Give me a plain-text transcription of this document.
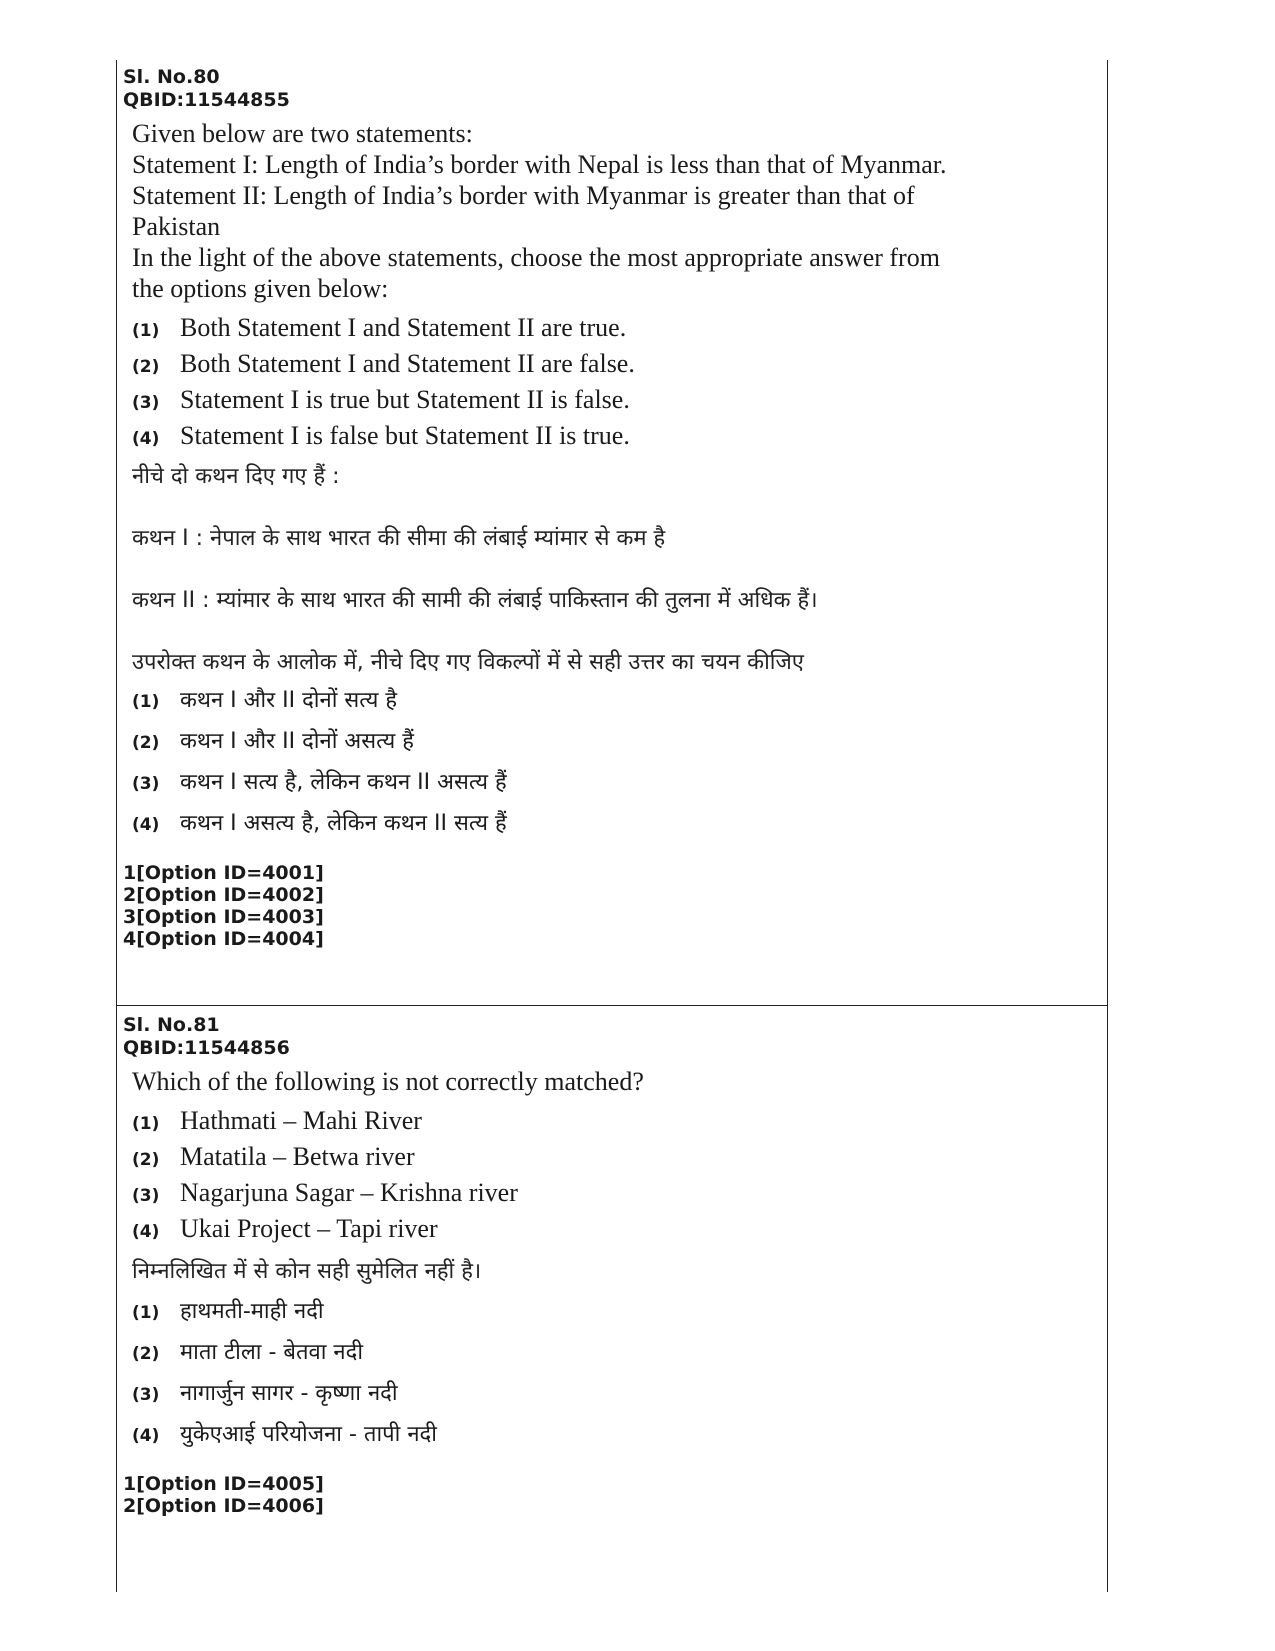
Sl. No.80
QBID:11544855
Given below are two statements:
Statement I: Length of India’s border with Nepal is less than that of Myanmar.
Statement II: Length of India’s border with Myanmar is greater than that of
Pakistan
In the light of the above statements, choose the most appropriate answer from
the options given below:
(1) Both Statement I and Statement II are true.
(2) Both Statement I and Statement II are false.
(3) Statement I is true but Statement II is false.
(4) Statement I is false but Statement II is true.
नीचे दो कथन दिए गए हैं :
कथन I : नेपाल के साथ भारत की सीमा की लंबाई म्यांमार से कम है
कथन II : म्यांमार के साथ भारत की सामी की लंबाई पाकिस्तान की तुलना में अधिक हैं।
उपरोक्त कथन के आलोक में, नीचे दिए गए विकल्पों में से सही उत्तर का चयन कीजिए
(1) कथन I और II दोनों सत्य है
(2) कथन I और II दोनों असत्य हैं
(3) कथन I सत्य है, लेकिन कथन II असत्य हैं
(4) कथन I असत्य है, लेकिन कथन II सत्य हैं
1[Option ID=4001]
2[Option ID=4002]
3[Option ID=4003]
4[Option ID=4004]
Sl. No.81
QBID:11544856
Which of the following is not correctly matched?
(1) Hathmati – Mahi River
(2) Matatila – Betwa river
(3) Nagarjuna Sagar – Krishna river
(4) Ukai Project – Tapi river
निम्नलिखित में से कोन सही सुमेलित नहीं है।
(1) हाथमती-माही नदी
(2) माता टीला - बेतवा नदी
(3) नागार्जुन सागर - कृष्णा नदी
(4) युकेएआई परियोजना - तापी नदी
1[Option ID=4005]
2[Option ID=4006]
